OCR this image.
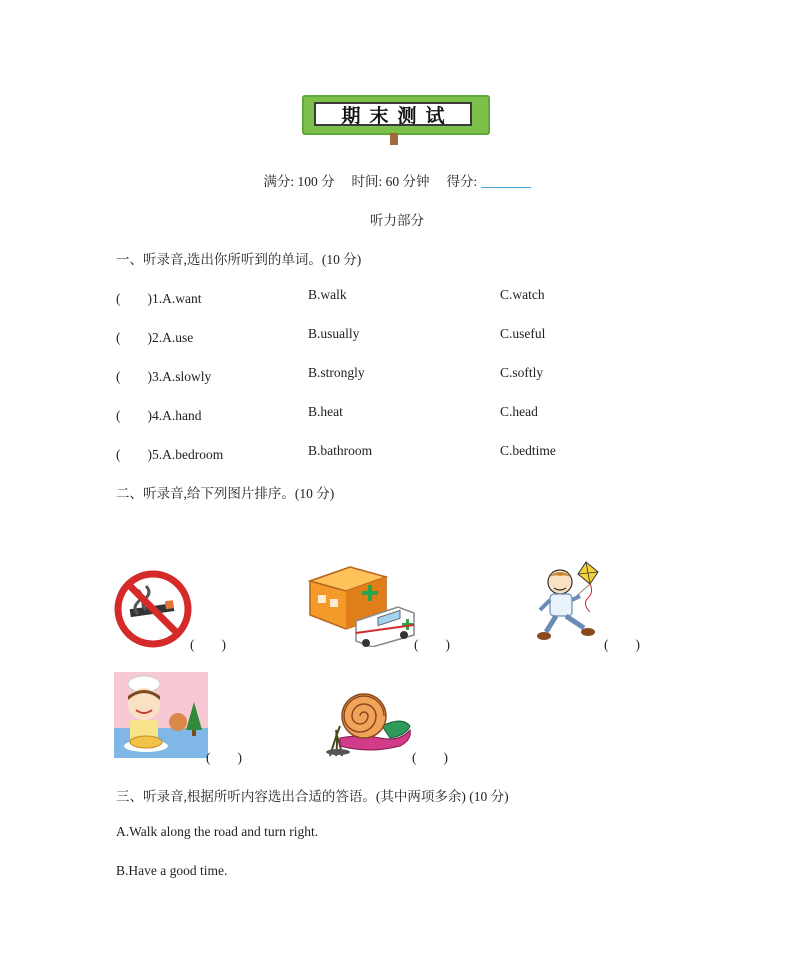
期末测试
满分: 100 分 时间: 60 分钟 得分:
听力部分
一、听录音,选出你所听到的单词。(10 分)
(　　)1.A.want	B.walk	C.watch
(　　)2.A.use	B.usually	C.useful
(　　)3.A.slowly	B.strongly	C.softly
(　　)4.A.hand	B.heat	C.head
(　　)5.A.bedroom	B.bathroom	C.bedtime
二、听录音,给下列图片排序。(10 分)
(　　)	(　　)	(　　)
(　　)	(　　)
三、听录音,根据所听内容选出合适的答语。(其中两项多余) (10 分)
A.Walk along the road and turn right.
B.Have a good time.
